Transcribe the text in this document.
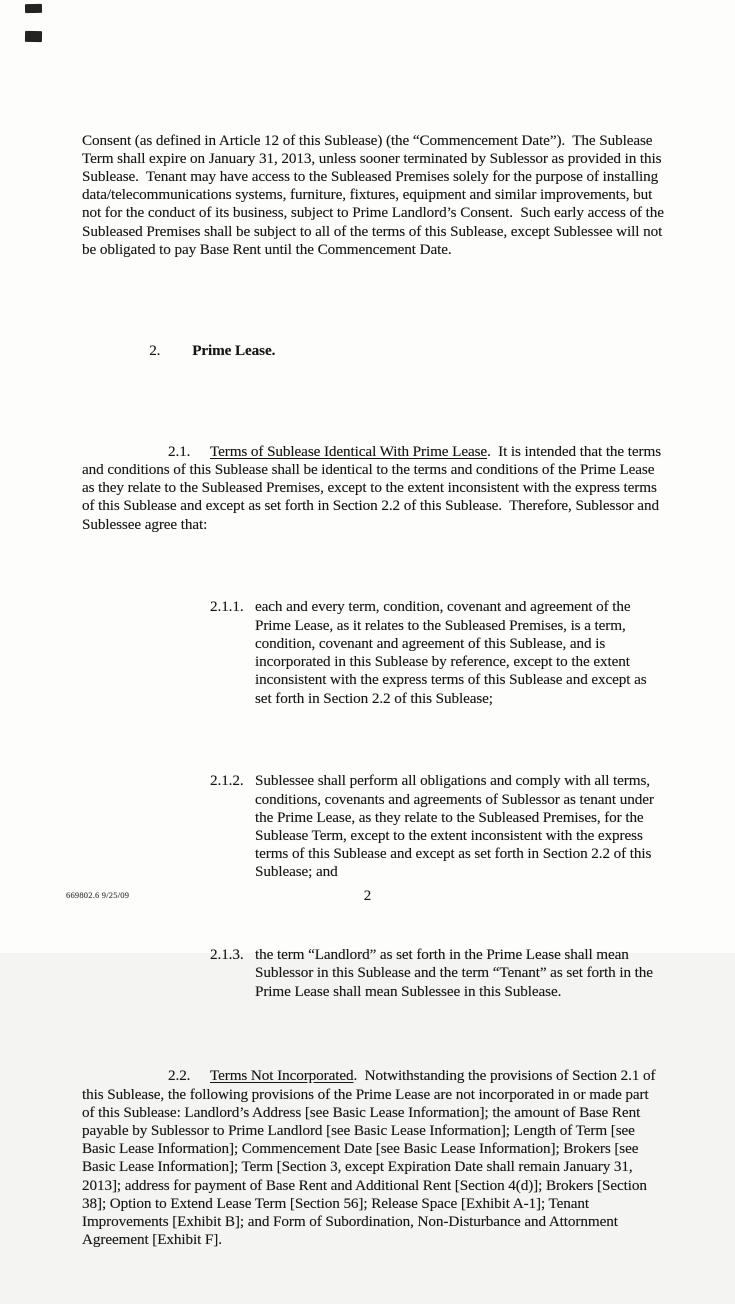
Consent (as defined in Article 12 of this Sublease) (the “Commencement Date”).  The Sublease Term shall expire on January 31, 2013, unless sooner terminated by Sublessor as provided in this Sublease.  Tenant may have access to the Subleased Premises solely for the purpose of installing data/telecommunications systems, furniture, fixtures, equipment and similar improvements, but not for the conduct of its business, subject to Prime Landlord’s Consent.  Such early access of the Subleased Premises shall be subject to all of the terms of this Sublease, except Sublessee will not be obligated to pay Base Rent until the Commencement Date.

2. Prime Lease.

2.1. Terms of Sublease Identical With Prime Lease.  It is intended that the terms and conditions of this Sublease shall be identical to the terms and conditions of the Prime Lease as they relate to the Subleased Premises, except to the extent inconsistent with the express terms of this Sublease and except as set forth in Section 2.2 of this Sublease.  Therefore, Sublessor and Sublessee agree that:

2.1.1. each and every term, condition, covenant and agreement of the Prime Lease, as it relates to the Subleased Premises, is a term, condition, covenant and agreement of this Sublease, and is incorporated in this Sublease by reference, except to the extent inconsistent with the express terms of this Sublease and except as set forth in Section 2.2 of this Sublease;

2.1.2. Sublessee shall perform all obligations and comply with all terms, conditions, covenants and agreements of Sublessor as tenant under the Prime Lease, as they relate to the Subleased Premises, for the Sublease Term, except to the extent inconsistent with the express terms of this Sublease and except as set forth in Section 2.2 of this Sublease; and

2.1.3. the term “Landlord” as set forth in the Prime Lease shall mean Sublessor in this Sublease and the term “Tenant” as set forth in the Prime Lease shall mean Sublessee in this Sublease.

2.2. Terms Not Incorporated.  Notwithstanding the provisions of Section 2.1 of this Sublease, the following provisions of the Prime Lease are not incorporated in or made part of this Sublease: Landlord’s Address [see Basic Lease Information]; the amount of Base Rent payable by Sublessor to Prime Landlord [see Basic Lease Information]; Length of Term [see Basic Lease Information]; Commencement Date [see Basic Lease Information]; Brokers [see Basic Lease Information]; Term [Section 3, except Expiration Date shall remain January 31, 2013]; address for payment of Base Rent and Additional Rent [Section 4(d)]; Brokers [Section 38]; Option to Extend Lease Term [Section 56]; Release Space [Exhibit A-1]; Tenant Improvements [Exhibit B]; and Form of Subordination, Non-Disturbance and Attornment Agreement [Exhibit F].

669802.6 9/25/09	2
